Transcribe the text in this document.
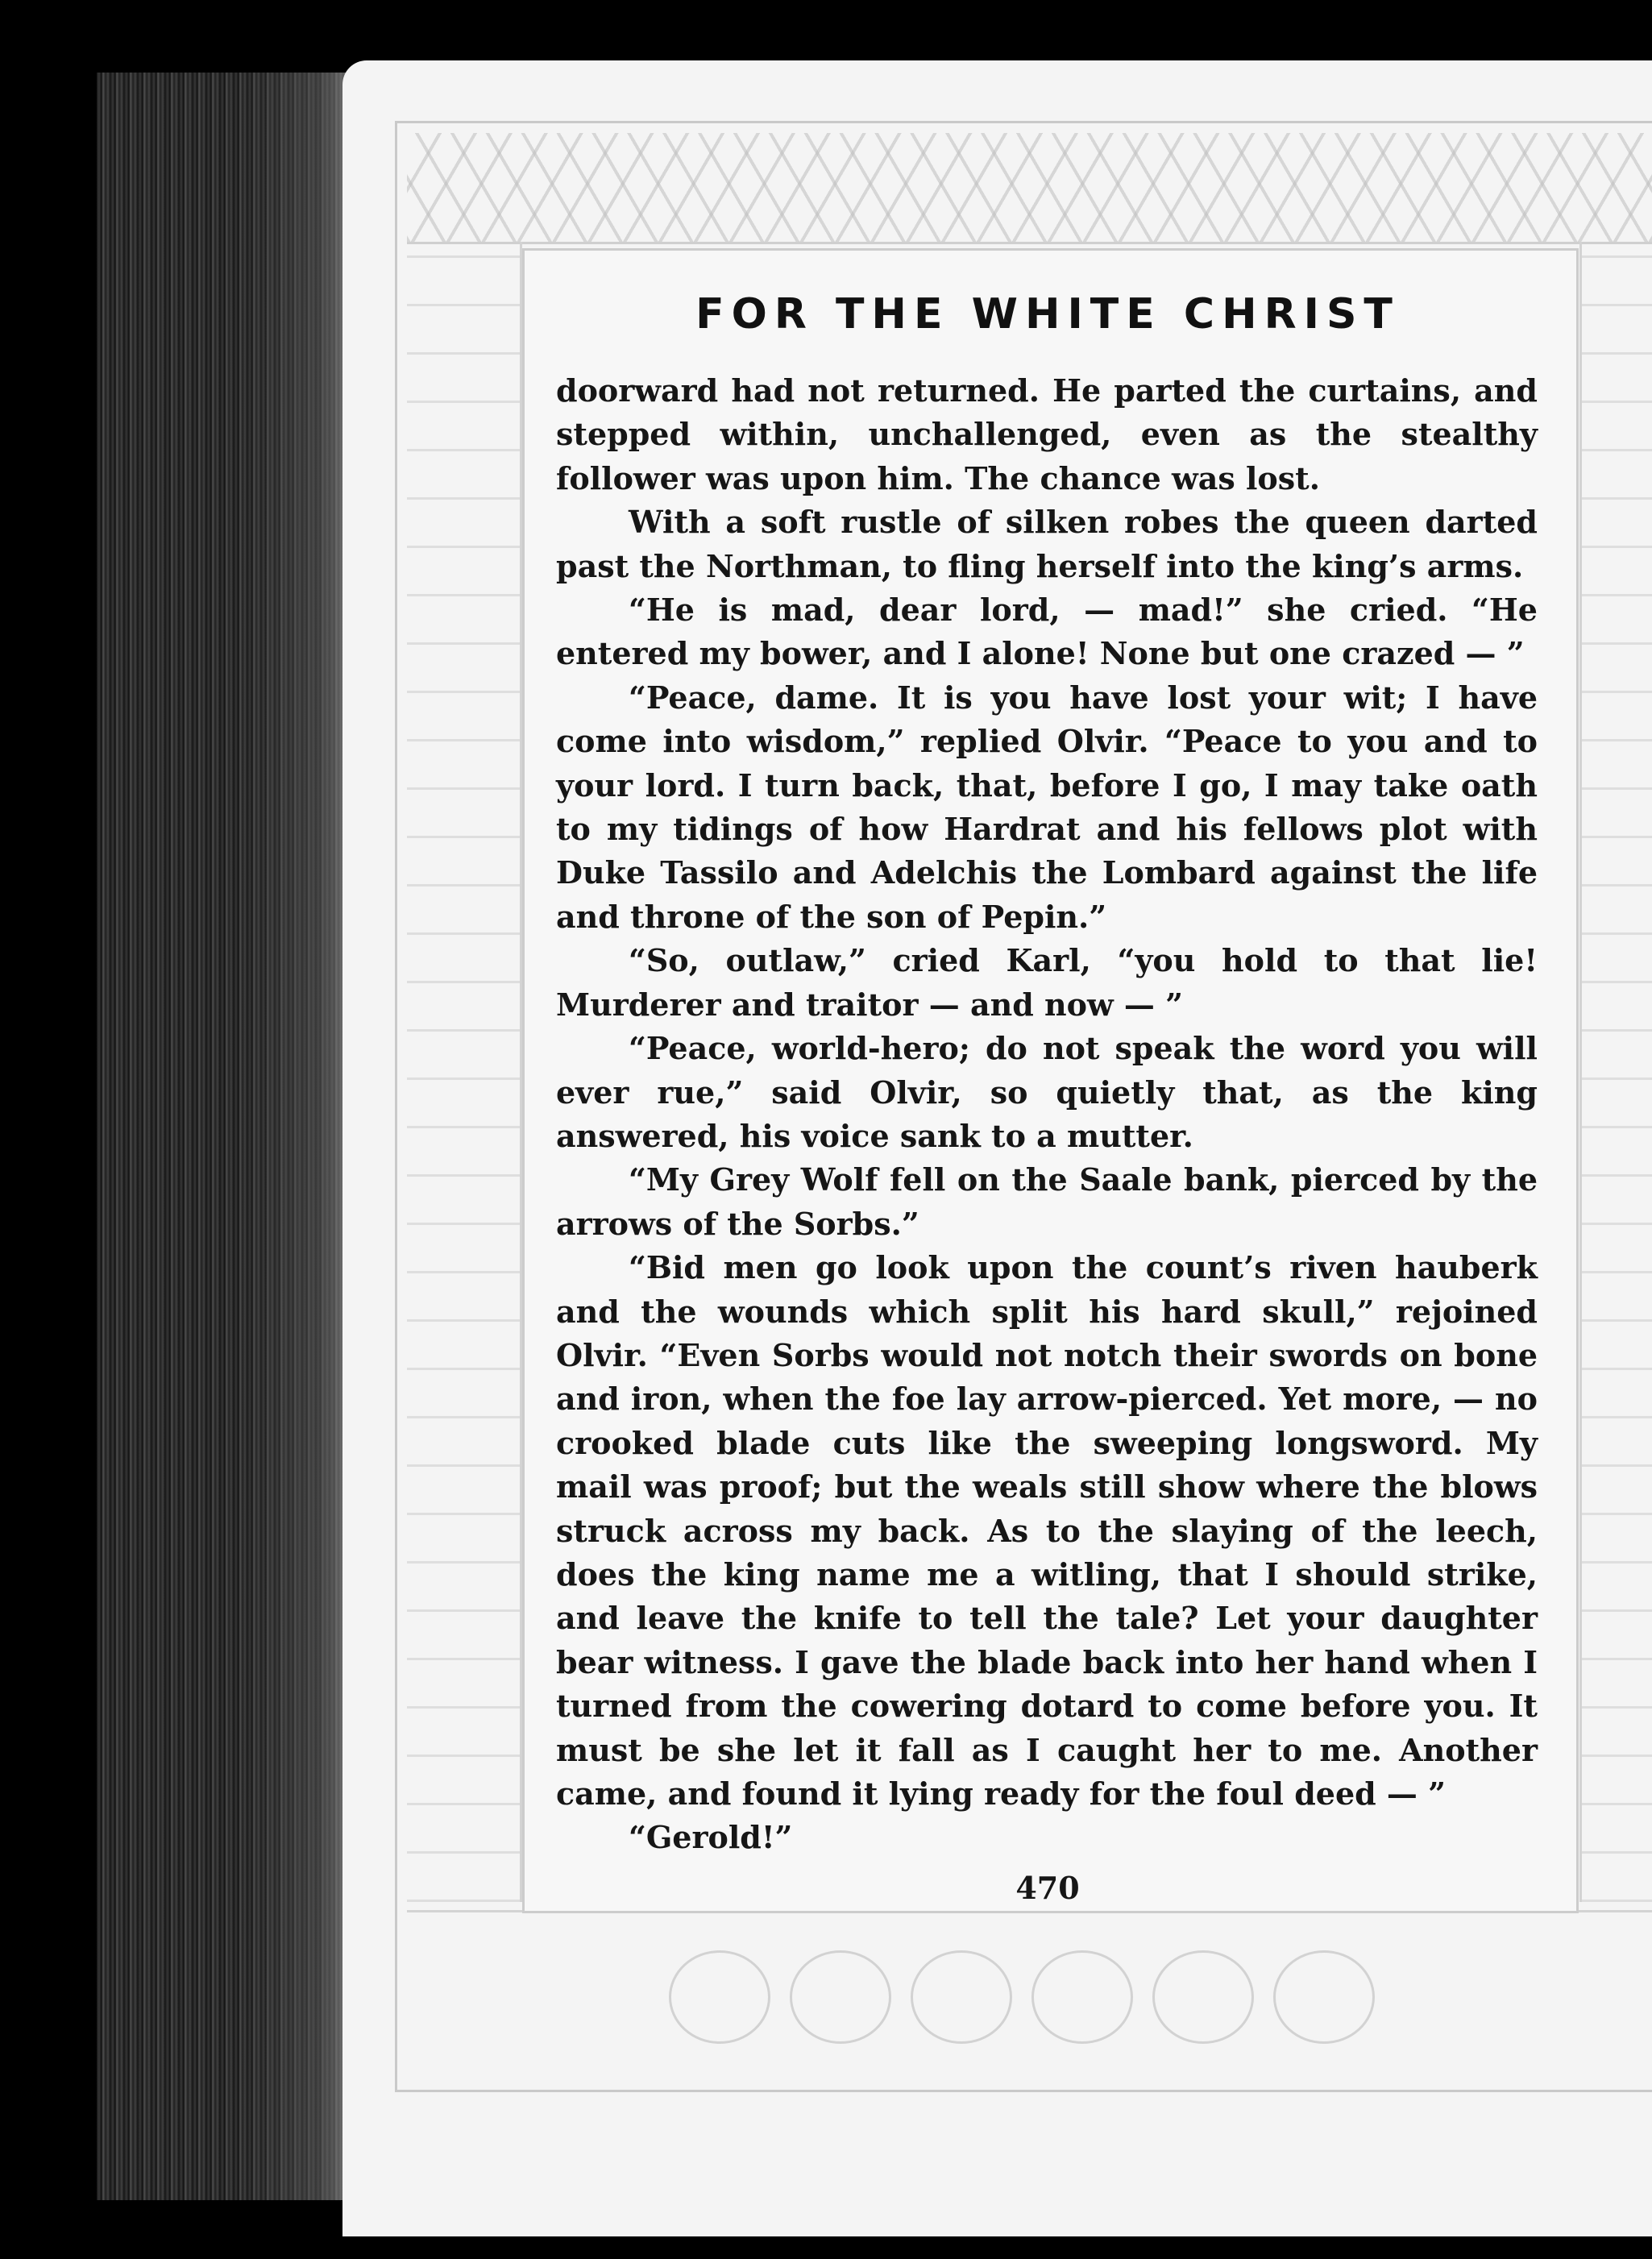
FOR THE WHITE CHRIST

doorward had not returned. He parted the curtains, and stepped within, unchallenged, even as the stealthy follower was upon him. The chance was lost.

With a soft rustle of silken robes the queen darted past the Northman, to fling herself into the king’s arms.

“He is mad, dear lord, — mad!” she cried. “He entered my bower, and I alone! None but one crazed — ”

“Peace, dame. It is you have lost your wit; I have come into wisdom,” replied Olvir. “Peace to you and to your lord. I turn back, that, before I go, I may take oath to my tidings of how Hardrat and his fellows plot with Duke Tassilo and Adelchis the Lombard against the life and throne of the son of Pepin.”

“So, outlaw,” cried Karl, “you hold to that lie! Murderer and traitor — and now — ”

“Peace, world-hero; do not speak the word you will ever rue,” said Olvir, so quietly that, as the king answered, his voice sank to a mutter.

“My Grey Wolf fell on the Saale bank, pierced by the arrows of the Sorbs.”

“Bid men go look upon the count’s riven hauberk and the wounds which split his hard skull,” rejoined Olvir. “Even Sorbs would not notch their swords on bone and iron, when the foe lay arrow-pierced. Yet more, — no crooked blade cuts like the sweeping longsword. My mail was proof; but the weals still show where the blows struck across my back. As to the slaying of the leech, does the king name me a witling, that I should strike, and leave the knife to tell the tale? Let your daughter bear witness. I gave the blade back into her hand when I turned from the cowering dotard to come before you. It must be she let it fall as I caught her to me. Another came, and found it lying ready for the foul deed — ”

“Gerold!”

470
